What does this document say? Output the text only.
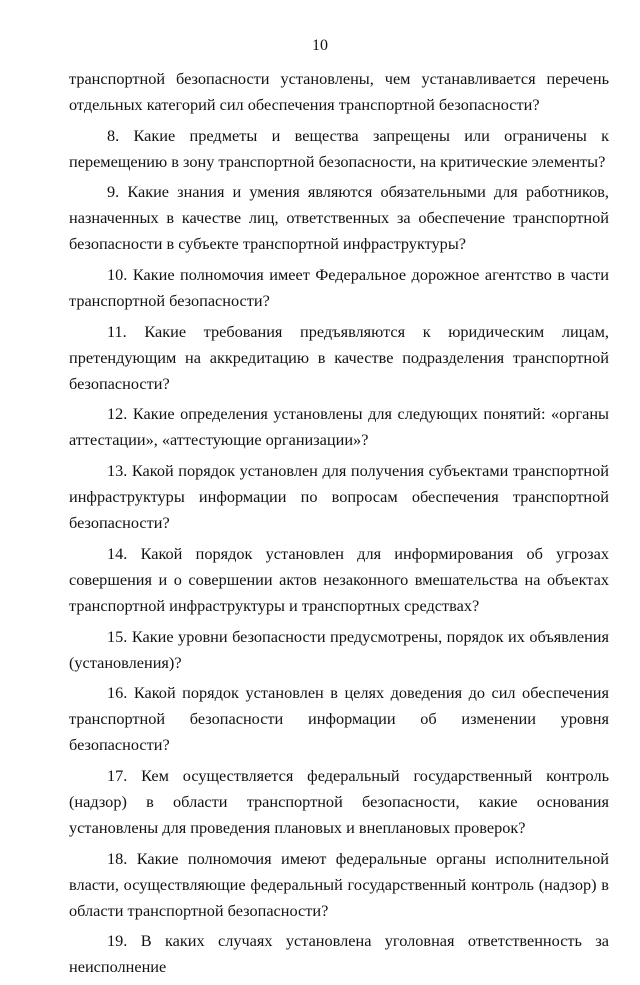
10

транспортной безопасности установлены, чем устанавливается перечень отдельных категорий сил обеспечения транспортной безопасности?

8. Какие предметы и вещества запрещены или ограничены к перемещению в зону транспортной безопасности, на критические элементы?

9. Какие знания и умения являются обязательными для работников, назначенных в качестве лиц, ответственных за обеспечение транспортной безопасности в субъекте транспортной инфраструктуры?

10. Какие полномочия имеет Федеральное дорожное агентство в части транспортной безопасности?

11. Какие требования предъявляются к юридическим лицам, претендующим на аккредитацию в качестве подразделения транспортной безопасности?

12. Какие определения установлены для следующих понятий: «органы аттестации», «аттестующие организации»?

13. Какой порядок установлен для получения субъектами транспортной инфраструктуры информации по вопросам обеспечения транспортной безопасности?

14. Какой порядок установлен для информирования об угрозах совершения и о совершении актов незаконного вмешательства на объектах транспортной инфраструктуры и транспортных средствах?

15. Какие уровни безопасности предусмотрены, порядок их объявления (установления)?

16. Какой порядок установлен в целях доведения до сил обеспечения транспортной безопасности информации об изменении уровня безопасности?

17. Кем осуществляется федеральный государственный контроль (надзор) в области транспортной безопасности, какие основания установлены для проведения плановых и внеплановых проверок?

18. Какие полномочия имеют федеральные органы исполнительной власти, осуществляющие федеральный государственный контроль (надзор) в области транспортной безопасности?

19. В каких случаях установлена уголовная ответственность за неисполнение
